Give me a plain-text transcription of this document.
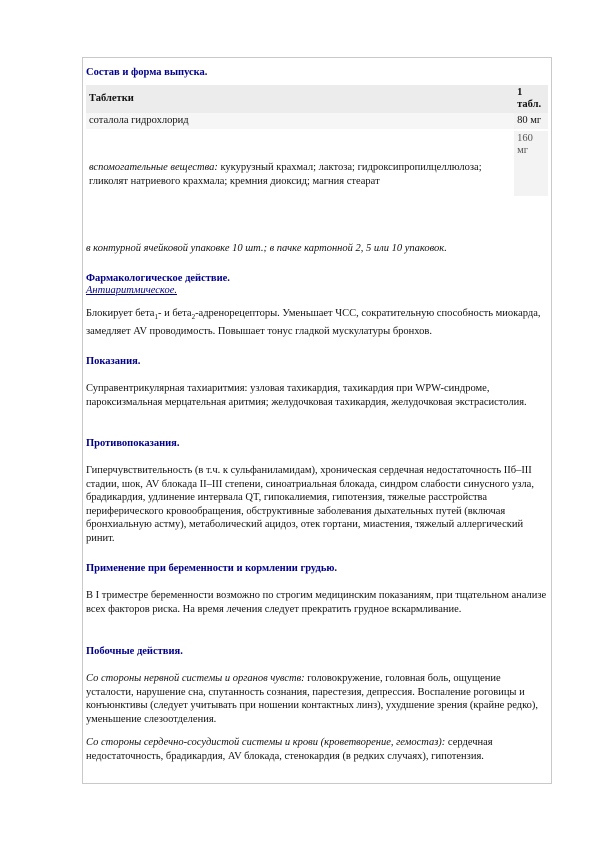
Состав и форма выпуска.
Таблетки	1 табл.
соталола гидрохлорид	80 мг
вспомогательные вещества: кукурузный крахмал; лактоза; гидроксипропилцеллюлоза; гликолят натриевого крахмала; кремния диоксид; магния стеарат	160 мг

в контурной ячейковой упаковке 10 шт.; в пачке картонной 2, 5 или 10 упаковок.

Фармакологическое действие.
Антиаритмическое.

Блокирует бета$_1$- и бета$_2$-адренорецепторы. Уменьшает ЧСС, сократительную способность миокарда, замедляет AV проводимость. Повышает тонус гладкой мускулатуры бронхов.

Показания.

Суправентрикулярная тахиаритмия: узловая тахикардия, тахикардия при WPW-синдроме, пароксизмальная мерцательная аритмия; желудочковая тахикардия, желудочковая экстрасистолия.

Противопоказания.

Гиперчувствительность (в т.ч. к сульфаниламидам), хроническая сердечная недостаточность IIб–III стадии, шок, AV блокада II–III степени, синоатриальная блокада, синдром слабости синусного узла, брадикардия, удлинение интервала QT, гипокалиемия, гипотензия, тяжелые расстройства периферического кровообращения, обструктивные заболевания дыхательных путей (включая бронхиальную астму), метаболический ацидоз, отек гортани, миастения, тяжелый аллергический ринит.

Применение при беременности и кормлении грудью.

В I триместре беременности возможно по строгим медицинским показаниям, при тщательном анализе всех факторов риска. На время лечения следует прекратить грудное вскармливание.

Побочные действия.

Со стороны нервной системы и органов чувств: головокружение, головная боль, ощущение усталости, нарушение сна, спутанность сознания, парестезия, депрессия. Воспаление роговицы и конъюнктивы (следует учитывать при ношении контактных линз), ухудшение зрения (крайне редко), уменьшение слезоотделения.

Со стороны сердечно-сосудистой системы и крови (кроветворение, гемостаз): сердечная недостаточность, брадикардия, AV блокада, стенокардия (в редких случаях), гипотензия.
